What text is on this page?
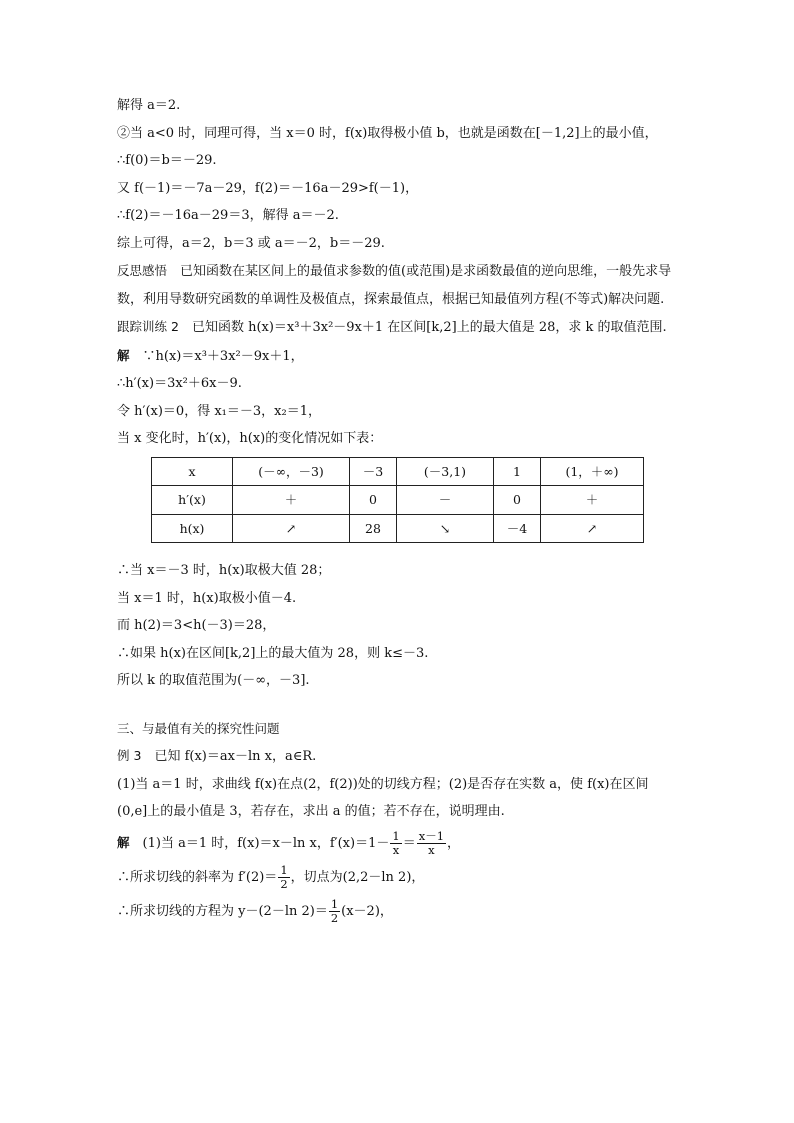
解得 a＝2.
②当 a<0 时，同理可得，当 x＝0 时，f(x)取得极小值 b，也就是函数在[－1,2]上的最小值，
∴f(0)＝b＝－29.
又 f(－1)＝－7a－29，f(2)＝－16a－29>f(－1)，
∴f(2)＝－16a－29＝3，解得 a＝－2.
综上可得，a＝2，b＝3 或 a＝－2，b＝－29.
反思感悟　 已知函数在某区间上的最值求参数的值(或范围)是求函数最值的逆向思维，一般先求导数，利用导数研究函数的单调性及极值点，探索最值点，根据已知最值列方程(不等式)解决问题.
跟踪训练 2　 已知函数 h(x)＝x³＋3x²－9x＋1 在区间[k,2]上的最大值是 28，求 k 的取值范围.
解　 ∵h(x)＝x³＋3x²－9x＋1，
∴h′(x)＝3x²＋6x－9.
令 h′(x)＝0，得 x₁＝－3，x₂＝1，
当 x 变化时，h′(x)，h(x)的变化情况如下表：
x	(－∞，－3)	－3	(－3,1)	1	(1，＋∞)
h′(x)	＋	0	－	0	＋
h(x)	↗	28	↘	－4	↗
∴当 x＝－3 时，h(x)取极大值 28；
当 x＝1 时，h(x)取极小值－4.
而 h(2)＝3<h(－3)＝28，
∴如果 h(x)在区间[k,2]上的最大值为 28，则 k≤－3.
所以 k 的取值范围为(－∞，－3].
三、与最值有关的探究性问题
例 3　 已知 f(x)＝ax－ln x，a∈R.
(1)当 a＝1 时，求曲线 f(x)在点(2，f(2))处的切线方程；(2)是否存在实数 a，使 f(x)在区间(0,e]上的最小值是 3，若存在，求出 a 的值；若不存在，说明理由.
解　 (1)当 a＝1 时，f(x)＝x－ln x，$f'(x)=1- \frac{1}{x} = \frac{x-1}{x}$ ，
∴所求切线的斜率为 $f'(2)= \frac{1}{2}$ ，切点为(2,2－ln 2)，
∴所求切线的方程为 y－(2－ln $2)= \frac{1}{2} (x-2)$，
